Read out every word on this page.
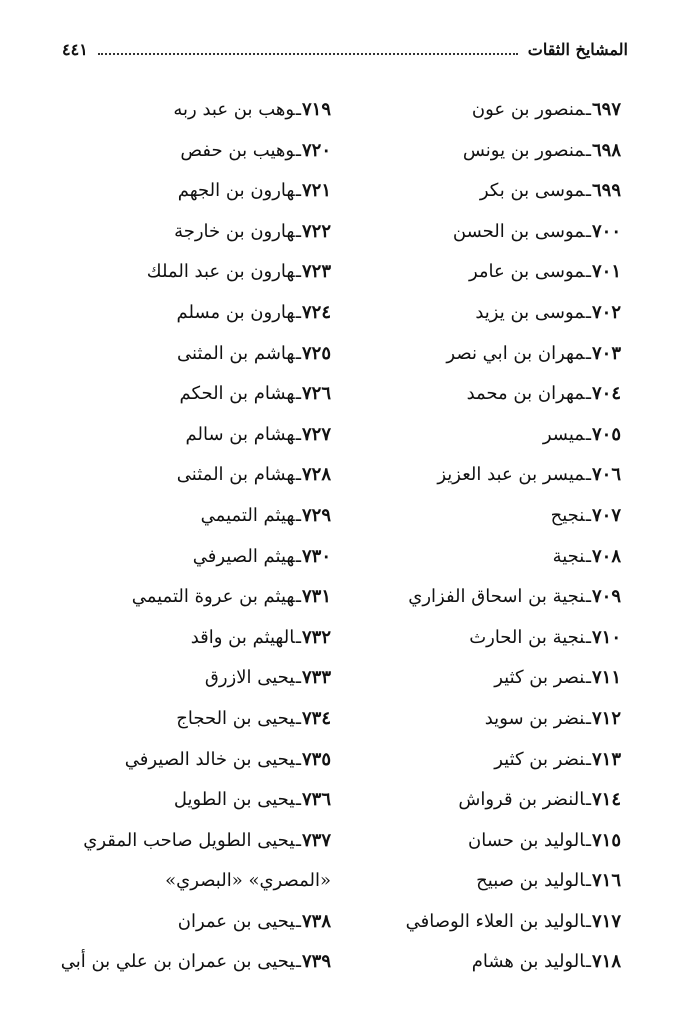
المشايخ الثقات
٤٤١
٦٩٧ـمنصور بن عون
٦٩٨ـمنصور بن يونس
٦٩٩ـموسى بن بكر
٧٠٠ـموسى بن الحسن
٧٠١ـموسى بن عامر
٧٠٢ـموسى بن يزيد
٧٠٣ـمهران بن ابي نصر
٧٠٤ـمهران بن محمد
٧٠٥ـميسر
٧٠٦ـميسر بن عبد العزيز
٧٠٧ـنجيح
٧٠٨ـنجية
٧٠٩ـنجية بن اسحاق الفزاري
٧١٠ـنجية بن الحارث
٧١١ـنصر بن كثير
٧١٢ـنضر بن سويد
٧١٣ـنضر بن كثير
٧١٤ـالنضر بن قرواش
٧١٥ـالوليد بن حسان
٧١٦ـالوليد بن صبيح
٧١٧ـالوليد بن العلاء الوصافي
٧١٨ـالوليد بن هشام
٧١٩ـوهب بن عبد ربه
٧٢٠ـوهيب بن حفص
٧٢١ـهارون بن الجهم
٧٢٢ـهارون بن خارجة
٧٢٣ـهارون بن عبد الملك
٧٢٤ـهارون بن مسلم
٧٢٥ـهاشم بن المثنى
٧٢٦ـهشام بن الحكم
٧٢٧ـهشام بن سالم
٧٢٨ـهشام بن المثنى
٧٢٩ـهيثم التميمي
٧٣٠ـهيثم الصيرفي
٧٣١ـهيثم بن عروة التميمي
٧٣٢ـالهيثم بن واقد
٧٣٣ـيحيى الازرق
٧٣٤ـيحيى بن الحجاج
٧٣٥ـيحيى بن خالد الصيرفي
٧٣٦ـيحيى بن الطويل
٧٣٧ـيحيى الطويل صاحب المقري
«المصري» «البصري»
٧٣٨ـيحيى بن عمران
٧٣٩ـيحيى بن عمران بن علي بن أبي
